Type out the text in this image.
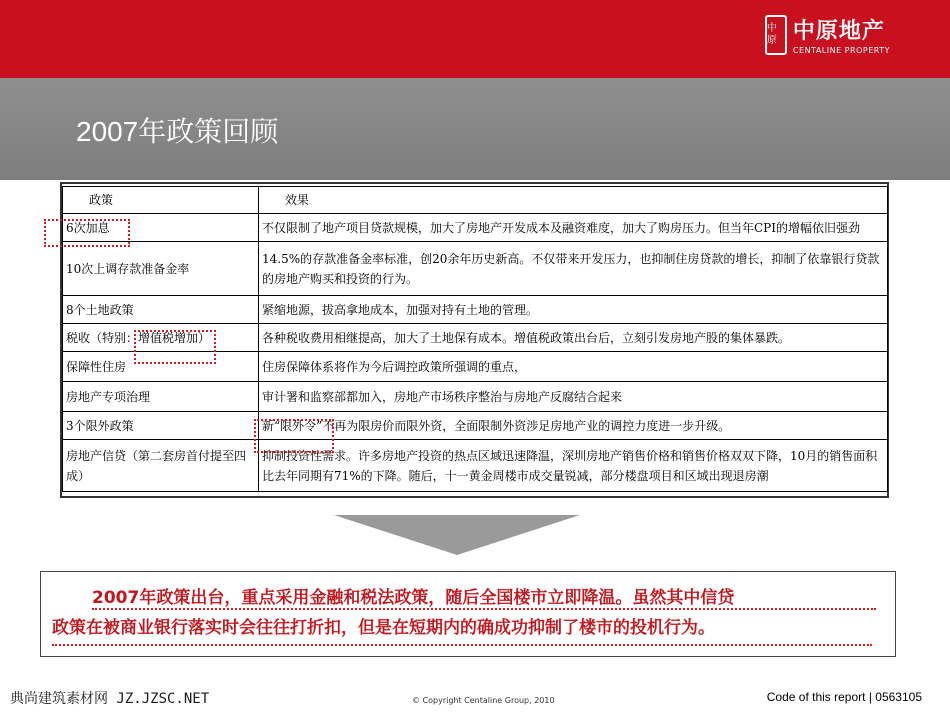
中原 中原地产
CENTALINE PROPERTY
2007年政策回顾
政策	效果
6次加息	不仅限制了地产项目贷款规模，加大了房地产开发成本及融资难度，加大了购房压力。但当年CPI的增幅依旧强劲
10次上调存款准备金率	14.5%的存款准备金率标准，创20余年历史新高。不仅带来开发压力，也抑制住房贷款的增长，抑制了依靠银行贷款的房地产购买和投资的行为。
8个土地政策	紧缩地源，拔高拿地成本，加强对持有土地的管理。
税收（特别：增值税增加）	各种税收费用相继提高，加大了土地保有成本。增值税政策出台后，立刻引发房地产股的集体暴跌。
保障性住房	住房保障体系将作为今后调控政策所强调的重点，
房地产专项治理	审计署和监察部都加入，房地产市场秩序整治与房地产反腐结合起来
3个限外政策	新“限外令”不再为限房价而限外资，全面限制外资涉足房地产业的调控力度进一步升级。
房地产信贷（第二套房首付提至四成）	抑制投资性需求。许多房地产投资的热点区域迅速降温，深圳房地产销售价格和销售价格双双下降，10月的销售面积比去年同期有71%的下降。随后，十一黄金周楼市成交量锐减，部分楼盘项目和区域出现退房潮

2007年政策出台，重点采用金融和税法政策，随后全国楼市立即降温。虽然其中信贷

政策在被商业银行落实时会往往打折扣，但是在短期内的确成功抑制了楼市的投机行为。

典尚建筑素材网 JZ.JZSC.NET	© Copyright Centaline Group, 2010	Code of this report | 0563105
